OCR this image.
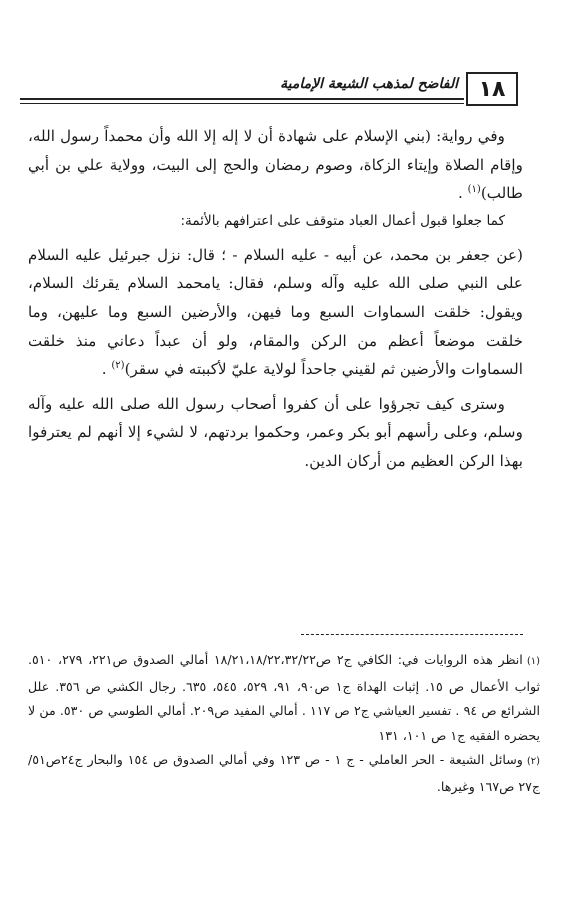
١٨
الفاضح لمذهب الشيعة الإمامية

وفي رواية: (بني الإسلام على شهادة أن لا إله إلا الله وأن محمداً رسول الله، وإقام الصلاة وإيتاء الزكاة، وصوم رمضان والحج إلى البيت، وولاية علي بن أبي طالب)$^{(١)}$ .

كما جعلوا قبول أعمال العباد متوقف على اعترافهم بالأئمة:

(عن جعفر بن محمد، عن أبيه - عليه السلام - ؛ قال: نزل جبرئيل عليه السلام على النبي صلى الله عليه وآله وسلم، فقال: يامحمد السلام يقرئك السلام، ويقول: خلقت السماوات السبع وما فيهن، والأرضين السبع وما عليهن، وما خلقت موضعاً أعظم من الركن والمقام، ولو أن عبداً دعاني منذ خلقت السماوات والأرضين ثم لقيني جاحداً لولاية عليّ لأكببته في سقر)$^{(٢)}$ .

وسترى كيف تجرؤوا على أن كفروا أصحاب رسول الله صلى الله عليه وآله وسلم، وعلى رأسهم أبو بكر وعمر، وحكموا بردتهم، لا لشيء إلا أنهم لم يعترفوا بهذا الركن العظيم من أركان الدين.

(١)انظر هذه الروايات في: الكافي ج٢ ص١٨/٢١،١٨/٢٢،٣٢/٢٢ أمالي الصدوق ص٢٢١، ٢٧٩، ٥١٠. ثواب الأعمال ص ١٥. إثبات الهداة ج١ ص٩٠، ٩١، ٥٢٩، ٥٤٥، ٦٣٥. رجال الكشي ص ٣٥٦. علل الشرائع ص ٩٤ . تفسير العياشي ج٢ ص ١١٧ . أمالي المفيد ص٢٠٩. أمالي الطوسي ص ٥٣٠. من لا يحضره الفقيه ج١ ص ١٠١، ١٣١

(٢)وسائل الشيعة - الحر العاملي - ج ١ - ص ١٢٣ وفي أمالي الصدوق ص ١٥٤ والبحار ج٢٤ص٥١/ ج٢٧ ص١٦٧ وغيرها.
